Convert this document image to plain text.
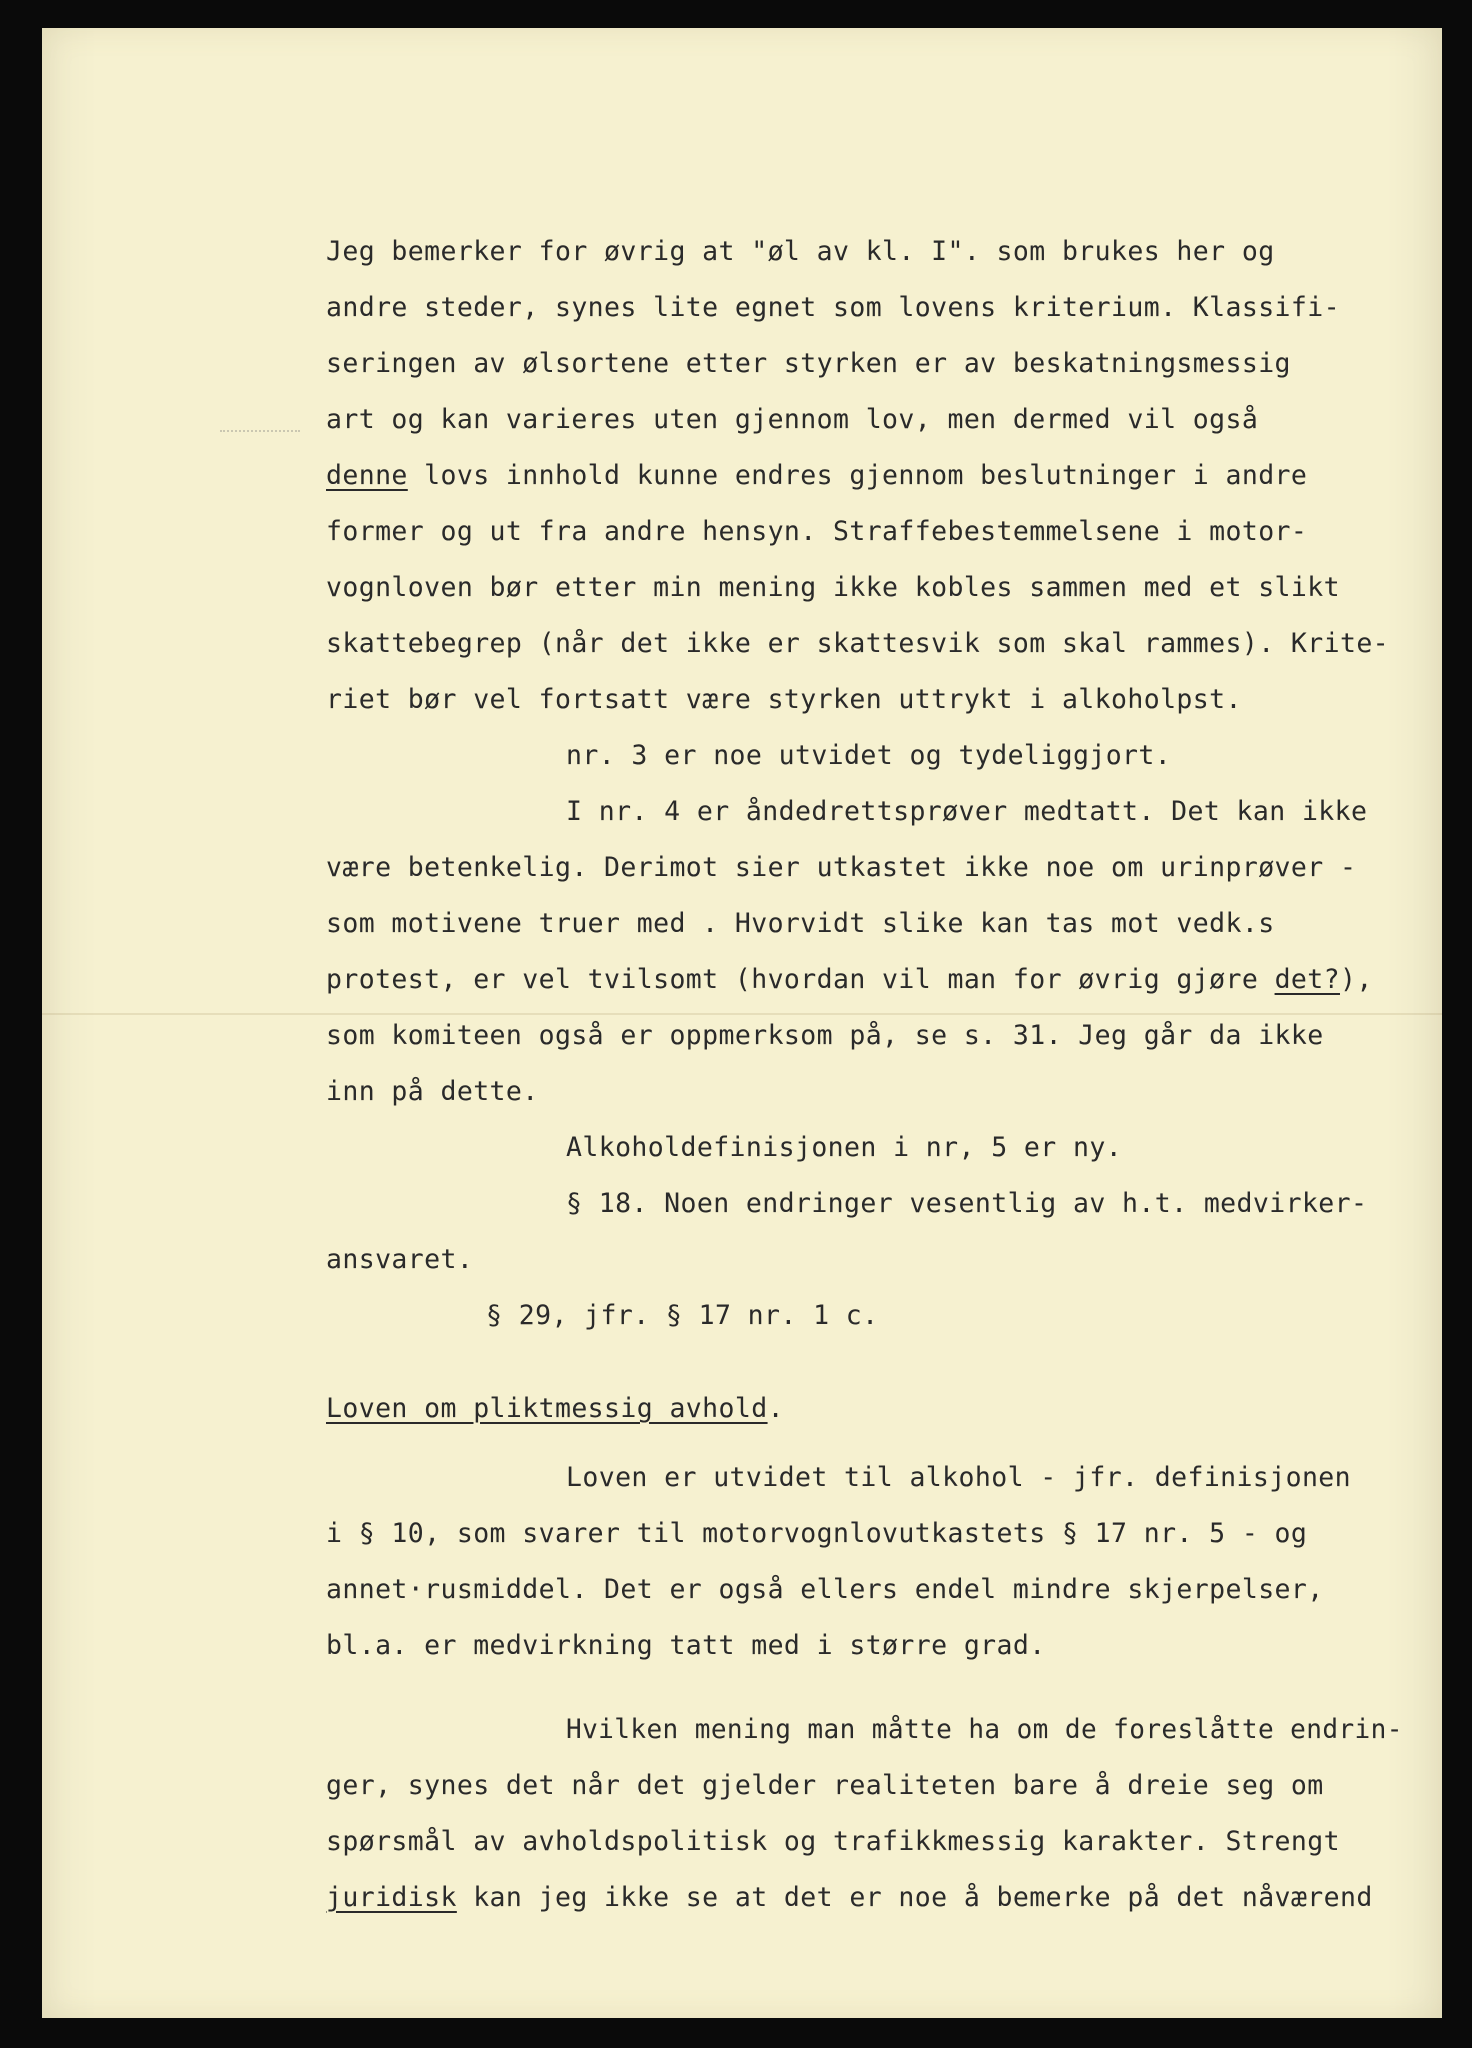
Jeg bemerker for øvrig at "øl av kl. I". som brukes her og
andre steder, synes lite egnet som lovens kriterium. Klassifi-
seringen av ølsortene etter styrken er av beskatningsmessig
art og kan varieres uten gjennom lov, men dermed vil også
denne lovs innhold kunne endres gjennom beslutninger i andre
former og ut fra andre hensyn. Straffebestemmelsene i motor-
vognloven bør etter min mening ikke kobles sammen med et slikt
skattebegrep (når det ikke er skattesvik som skal rammes). Krite-
riet bør vel fortsatt være styrken uttrykt i alkoholpst.
nr. 3 er noe utvidet og tydeliggjort.
I nr. 4 er åndedrettsprøver medtatt. Det kan ikke
være betenkelig. Derimot sier utkastet ikke noe om urinprøver -
som motivene truer med . Hvorvidt slike kan tas mot vedk.s
protest, er vel tvilsomt (hvordan vil man for øvrig gjøre det?),
som komiteen også er oppmerksom på, se s. 31. Jeg går da ikke
inn på dette.
Alkoholdefinisjonen i nr, 5 er ny.
§ 18. Noen endringer vesentlig av h.t. medvirker-
ansvaret.
§ 29, jfr. § 17 nr. 1 c.
Loven om pliktmessig avhold.
Loven er utvidet til alkohol - jfr. definisjonen
i § 10, som svarer til motorvognlovutkastets § 17 nr. 5 - og
annet·rusmiddel. Det er også ellers endel mindre skjerpelser,
bl.a. er medvirkning tatt med i større grad.
Hvilken mening man måtte ha om de foreslåtte endrin-
ger, synes det når det gjelder realiteten bare å dreie seg om
spørsmål av avholdspolitisk og trafikkmessig karakter. Strengt
juridisk kan jeg ikke se at det er noe å bemerke på det nåværend
